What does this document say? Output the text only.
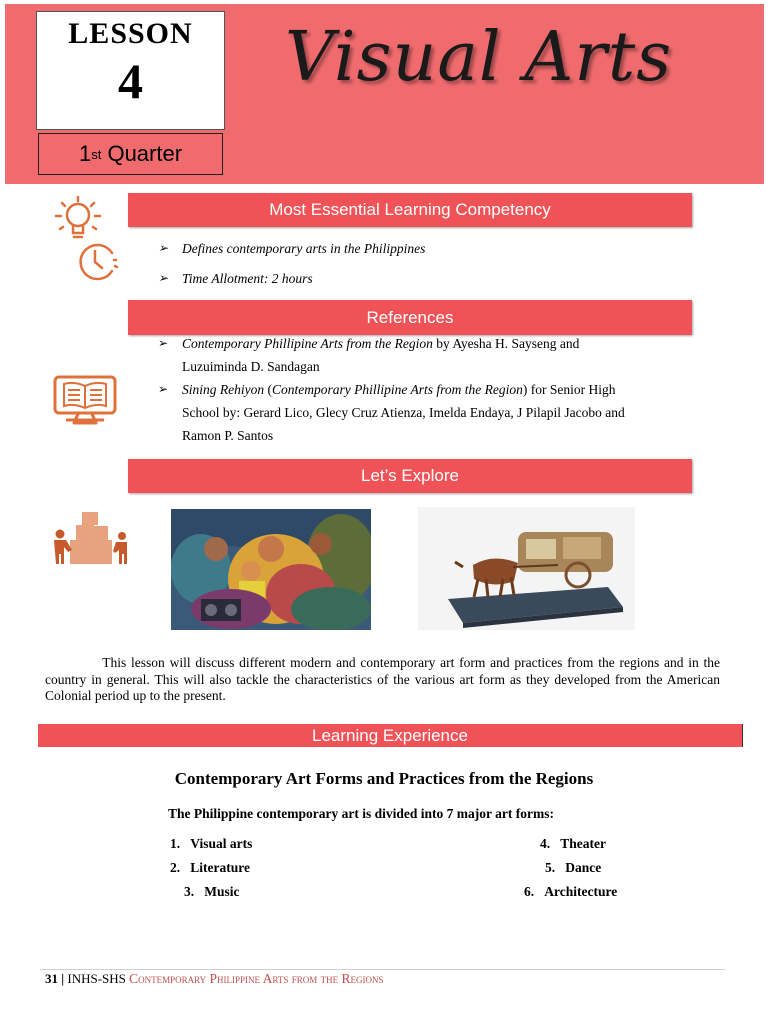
LESSON
4
1 st
Quarter
Visual Arts
Most Essential Learning Competency
➢ Defines contemporary arts in the Philippines
➢ Time Allotment: 2 hours
References
➢ Contemporary Phillipine Arts from the Region by Ayesha H. Sayseng and
Luzuiminda D. Sandagan
➢ Sining Rehiyon (Contemporary Phillipine Arts from the Region) for Senior High
School by: Gerard Lico, Glecy Cruz Atienza, Imelda Endaya, J Pilapil Jacobo and
Ramon P. Santos
Let’s Explore
This lesson will discuss different modern and contemporary art form and practices from the regions and in the country in general. This will also tackle the characteristics of the various art form as they developed from the American Colonial period up to the present.
Learning Experience
Contemporary Art Forms and Practices from the Regions
The Philippine contemporary art is divided into 7 major art forms:
1. Visual arts
2. Literature
3. Music
4. Theater
5. Dance
6. Architecture
31 | INHS-SHS Contemporary Philippine Arts from the Regions
